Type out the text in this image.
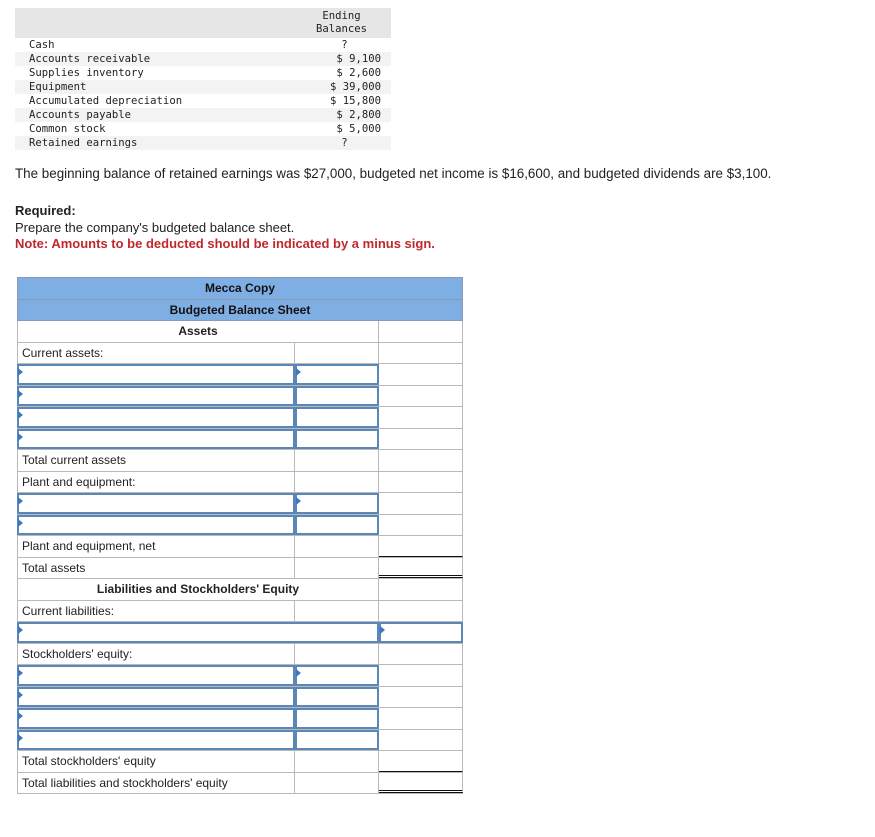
Ending
Balances
Cash	?
Accounts receivable	$ 9,100
Supplies inventory	$ 2,600
Equipment	$ 39,000
Accumulated depreciation	$ 15,800
Accounts payable	$ 2,800
Common stock	$ 5,000
Retained earnings	?
The beginning balance of retained earnings was $27,000, budgeted net income is $16,600, and budgeted dividends are $3,100.
Required:
Prepare the company's budgeted balance sheet.
Note: Amounts to be deducted should be indicated by a minus sign.
Mecca Copy
Budgeted Balance Sheet
Assets
Current assets:
Total current assets
Plant and equipment:
Plant and equipment, net
Total assets
Liabilities and Stockholders' Equity
Current liabilities:
Stockholders' equity:
Total stockholders' equity
Total liabilities and stockholders' equity
